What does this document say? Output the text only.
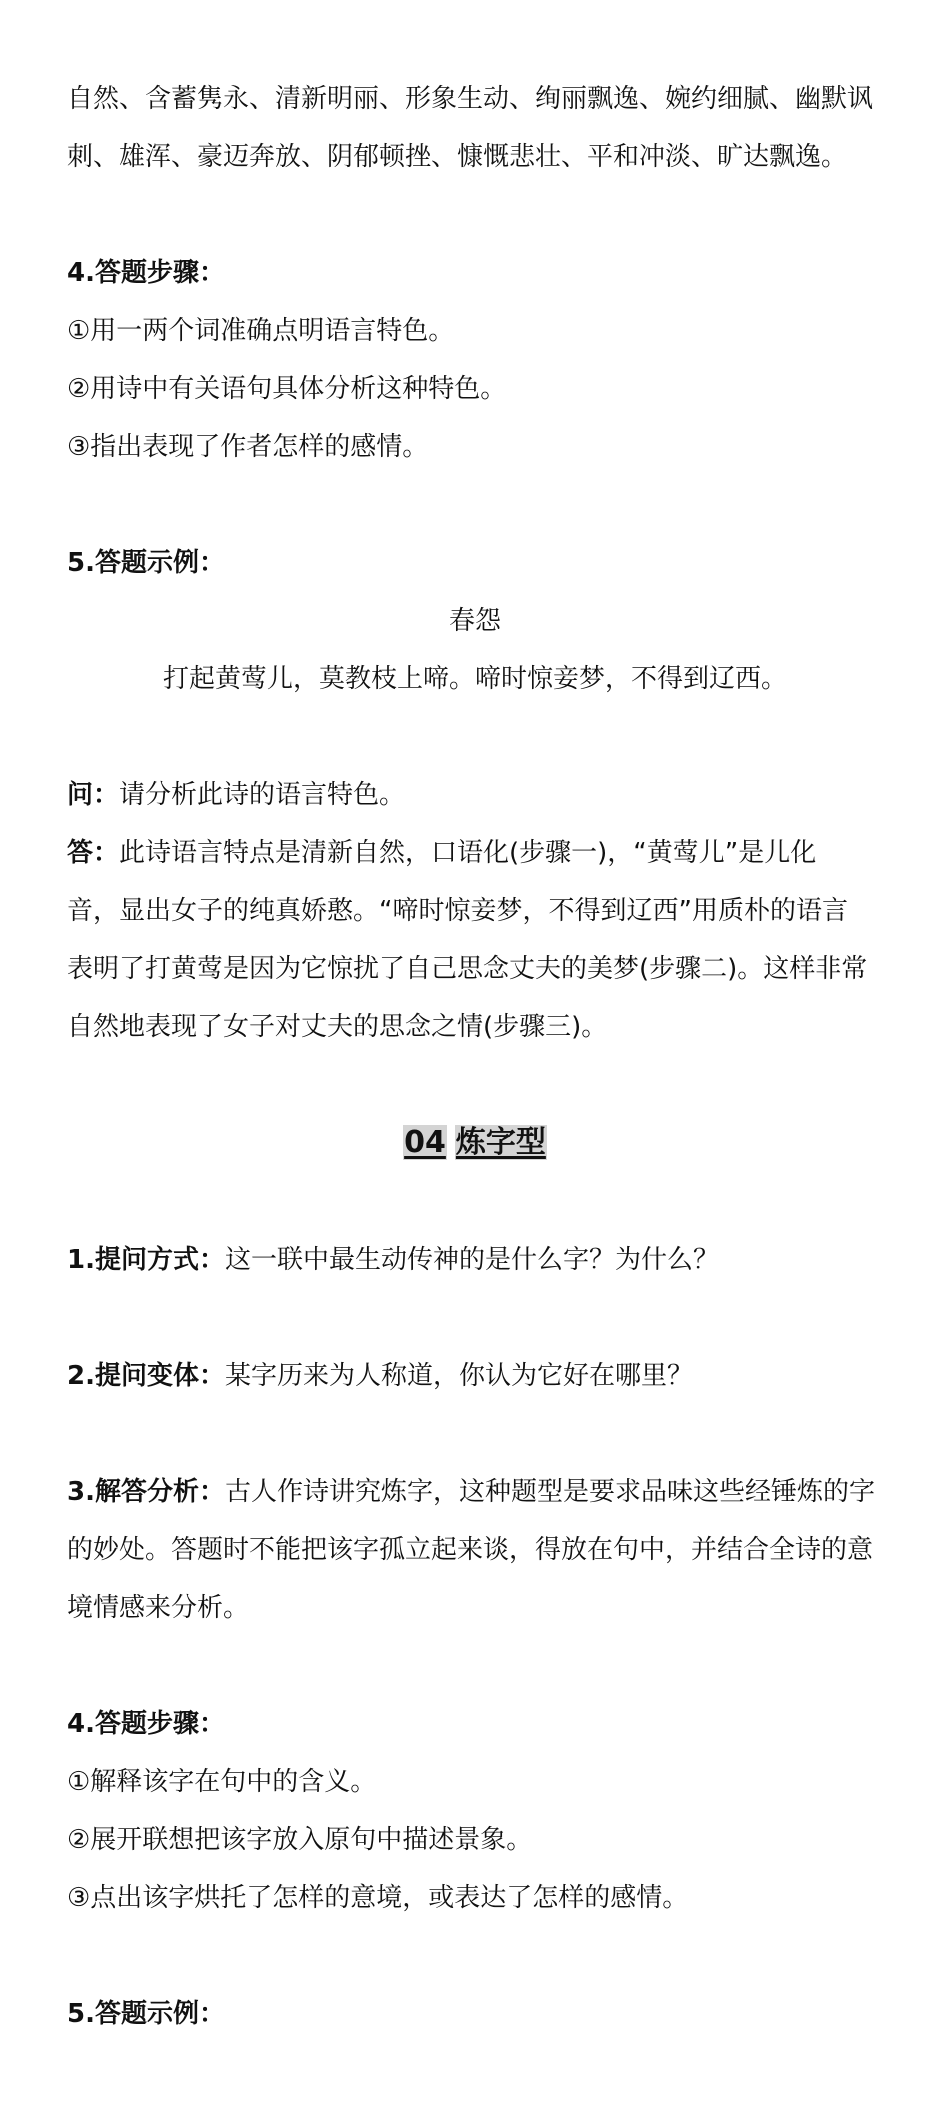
自然、含蓄隽永、清新明丽、形象生动、绚丽飘逸、婉约细腻、幽默讽
刺、雄浑、豪迈奔放、阴郁顿挫、慷慨悲壮、平和冲淡、旷达飘逸。
4.答题步骤：
①用一两个词准确点明语言特色。
②用诗中有关语句具体分析这种特色。
③指出表现了作者怎样的感情。
5.答题示例：
春怨
打起黄莺儿，莫教枝上啼。啼时惊妾梦，不得到辽西。
问：请分析此诗的语言特色。
答：此诗语言特点是清新自然，口语化(步骤一)，“黄莺儿”是儿化
音，显出女子的纯真娇憨。“啼时惊妾梦，不得到辽西”用质朴的语言
表明了打黄莺是因为它惊扰了自己思念丈夫的美梦(步骤二)。这样非常
自然地表现了女子对丈夫的思念之情(步骤三)。
04 炼字型
1.提问方式：这一联中最生动传神的是什么字？为什么？
2.提问变体：某字历来为人称道，你认为它好在哪里？
3.解答分析：古人作诗讲究炼字，这种题型是要求品味这些经锤炼的字
的妙处。答题时不能把该字孤立起来谈，得放在句中，并结合全诗的意
境情感来分析。
4.答题步骤：
①解释该字在句中的含义。
②展开联想把该字放入原句中描述景象。
③点出该字烘托了怎样的意境，或表达了怎样的感情。
5.答题示例：
